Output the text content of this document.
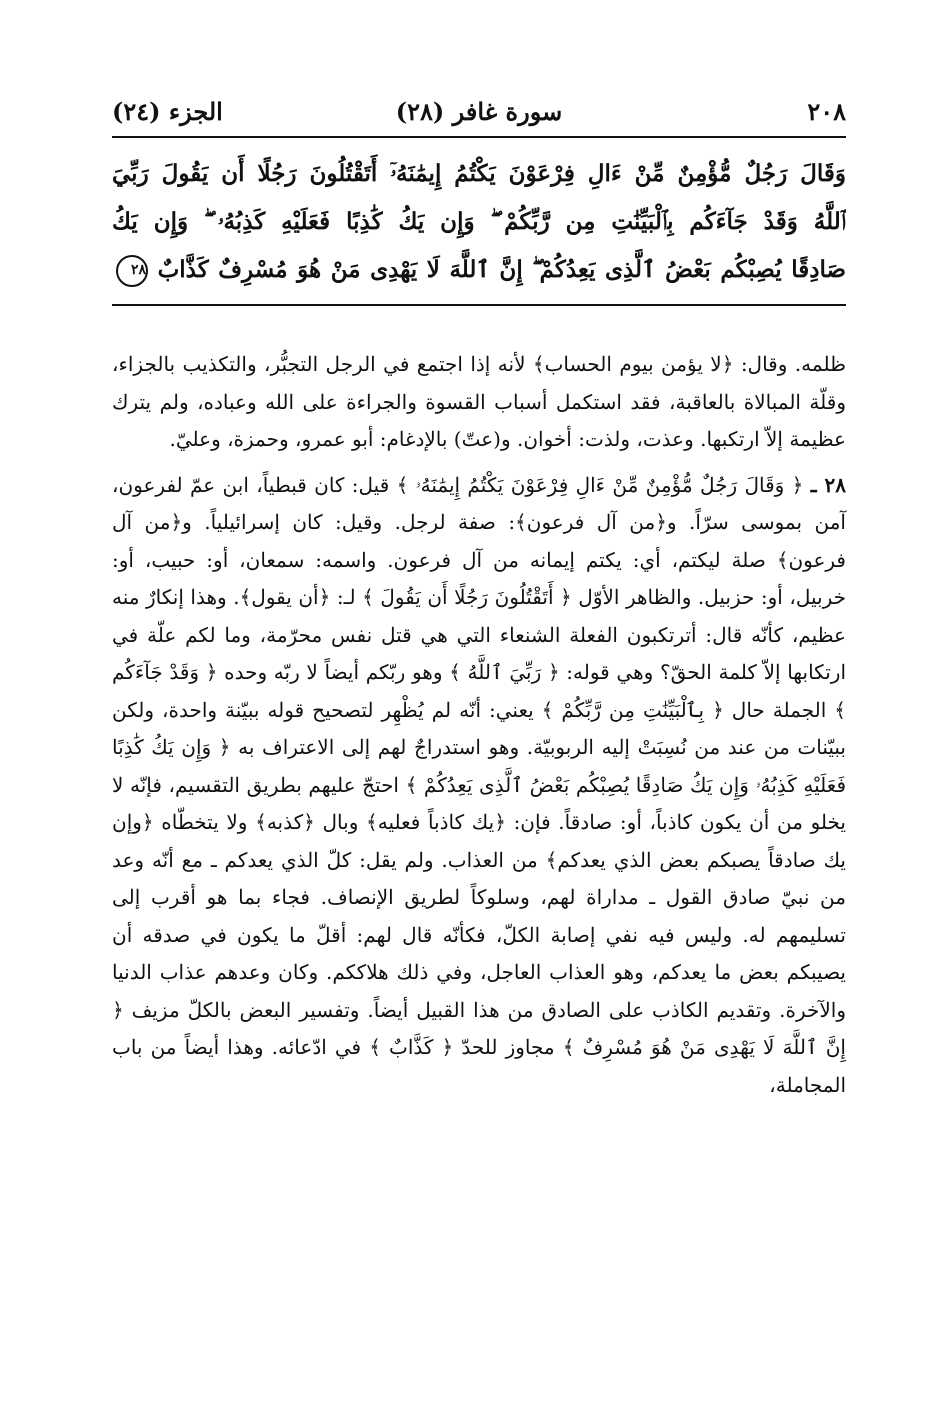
٢٠٨
سورة غافر (٢٨)
الجزء (٢٤)
وَقَالَ رَجُلٌ مُّؤْمِنٌ مِّنْ ءَالِ فِرْعَوْنَ يَكْتُمُ إِيمَٰنَهُۥٓ أَتَقْتُلُونَ رَجُلًا أَن يَقُولَ رَبِّيَ
ٱللَّهُ وَقَدْ جَآءَكُم بِٱلْبَيِّنَٰتِ مِن رَّبِّكُمْ ۖ وَإِن يَكُ كَٰذِبًا فَعَلَيْهِ كَذِبُهُۥ ۖ وَإِن يَكُ
صَادِقًا يُصِبْكُم بَعْضُ ٱلَّذِى يَعِدُكُمْ ۖ إِنَّ ٱللَّهَ لَا يَهْدِى مَنْ هُوَ مُسْرِفٌ كَذَّابٌ ٢٨

ظلمه. وقال: ﴿لا يؤمن بيوم الحساب﴾ لأنه إذا اجتمع في الرجل التجبُّر، والتكذيب بالجزاء، وقلّة المبالاة بالعاقبة، فقد استكمل أسباب القسوة والجراءة على الله وعباده، ولم يترك عظيمة إلاّ ارتكبها. وعذت، ولذت: أخوان. و(عتّ) بالإدغام: أبو عمرو، وحمزة، وعليّ.

٢٨ ـ ﴿ وَقَالَ رَجُلٌ مُّؤْمِنٌ مِّنْ ءَالِ فِرْعَوْنَ يَكْتُمُ إِيمَٰنَهُۥ ﴾ قيل: كان قبطياً، ابن عمّ لفرعون، آمن بموسى سرّاً. و﴿من آل فرعون﴾: صفة لرجل. وقيل: كان إسرائيلياً. و﴿من آل فرعون﴾ صلة ليكتم، أي: يكتم إيمانه من آل فرعون. واسمه: سمعان، أو: حبيب، أو: خربيل، أو: حزبيل. والظاهر الأوّل ﴿ أَتَقْتُلُونَ رَجُلًا أَن يَقُولَ ﴾ لـ: ﴿أن يقول﴾. وهذا إنكارٌ منه عظيم، كأنّه قال: أترتكبون الفعلة الشنعاء التي هي قتل نفس محرّمة، وما لكم علّة في ارتكابها إلاّ كلمة الحقّ؟ وهي قوله: ﴿ رَبِّيَ ٱللَّهُ ﴾ وهو ربّكم أيضاً لا ربّه وحده ﴿ وَقَدْ جَآءَكُم ﴾ الجملة حال ﴿ بِٱلْبَيِّنَٰتِ مِن رَّبِّكُمْ ﴾ يعني: أنّه لم يُظْهِر لتصحيح قوله ببيّنة واحدة، ولكن ببيّنات من عند من نُسِبَتْ إليه الربوبيّة. وهو استدراجٌ لهم إلى الاعتراف به ﴿ وَإِن يَكُ كَٰذِبًا فَعَلَيْهِ كَذِبُهُۥ وَإِن يَكُ صَادِقًا يُصِبْكُم بَعْضُ ٱلَّذِى يَعِدُكُمْ ﴾ احتجّ عليهم بطريق التقسيم، فإنّه لا يخلو من أن يكون كاذباً، أو: صادقاً. فإن: ﴿يك كاذباً فعليه﴾ وبال ﴿كذبه﴾ ولا يتخطّاه ﴿وإن يك صادقاً يصبكم بعض الذي يعدكم﴾ من العذاب. ولم يقل: كلّ الذي يعدكم ـ مع أنّه وعد من نبيّ صادق القول ـ مداراة لهم، وسلوكاً لطريق الإنصاف. فجاء بما هو أقرب إلى تسليمهم له. وليس فيه نفي إصابة الكلّ، فكأنّه قال لهم: أقلّ ما يكون في صدقه أن يصيبكم بعض ما يعدكم، وهو العذاب العاجل، وفي ذلك هلاككم. وكان وعدهم عذاب الدنيا والآخرة. وتقديم الكاذب على الصادق من هذا القبيل أيضاً. وتفسير البعض بالكلّ مزيف ﴿ إِنَّ ٱللَّهَ لَا يَهْدِى مَنْ هُوَ مُسْرِفٌ ﴾ مجاوز للحدّ ﴿ كَذَّابٌ ﴾ في ادّعائه. وهذا أيضاً من باب المجاملة،
